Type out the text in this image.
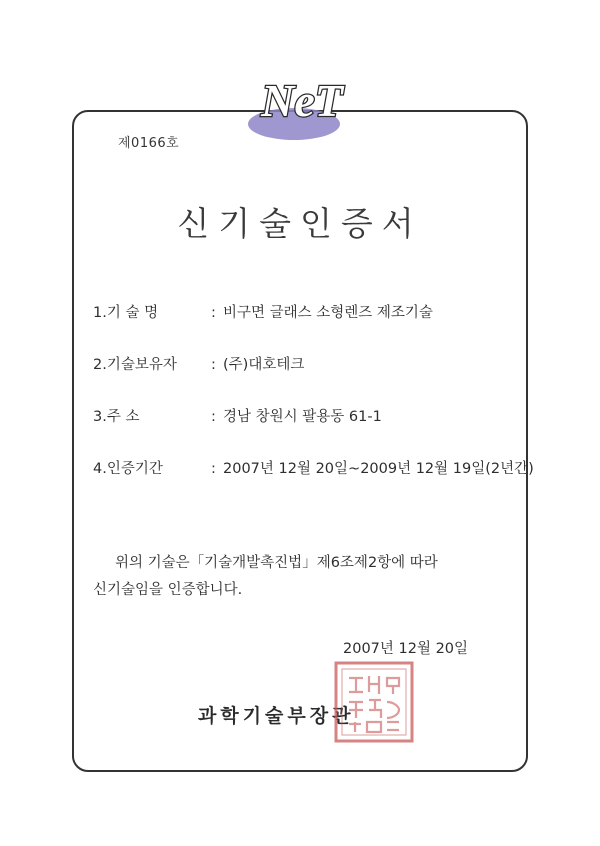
NeT
제0166호
신기술인증서
1.기 술 명	: 비구면 글래스 소형렌즈 제조기술
2.기술보유자 : (주)대호테크
3.주 소	: 경남 창원시 팔용동 61-1
4.인증기간	: 2007년 12월 20일~2009년 12월 19일(2년간)
위의 기술은「기술개발촉진법」제6조제2항에 따라
신기술임을 인증합니다.
2007년 12월 20일
과학기술부장관
